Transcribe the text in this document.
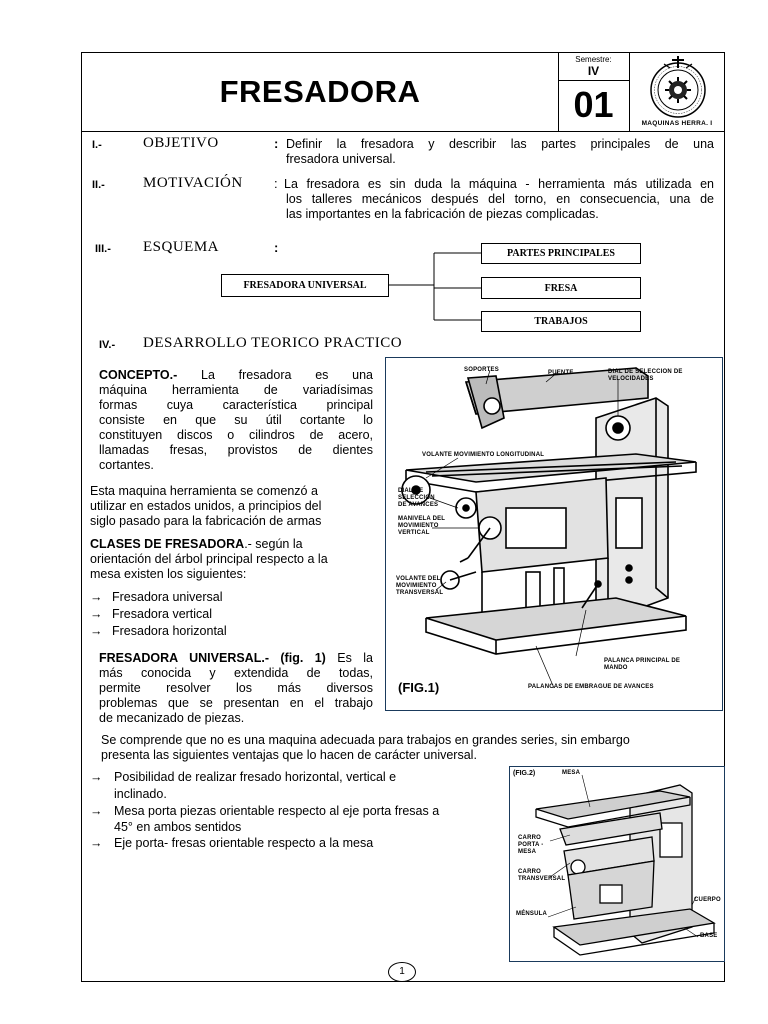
FRESADORA
Semestre:
IV
01	MAQUINAS HERRA. I
I.-	OBJETIVO	: Definir la fresadora y describir las partes principales de una
fresadora universal.
II.-	MOTIVACIÓN : La fresadora es sin duda la máquina - herramienta más utilizada en
los talleres mecánicos después del torno, en consecuencia, una de
las importantes en la fabricación de piezas complicadas.
III.- ESQUEMA	:
FRESADORA UNIVERSAL
PARTES PRINCIPALES
FRESA
TRABAJOS
IV.- DESARROLLO TEORICO PRACTICO
CONCEPTO.- La fresadora es una
máquina herramienta de variadísimas
formas cuya característica principal
consiste en que su útil cortante lo
constituyen discos o cilindros de acero,
llamadas fresas, provistos de dientes
cortantes.
Esta maquina herramienta se comenzó a
utilizar en estados unidos, a principios del
siglo pasado para la fabricación de armas
CLASES DE FRESADORA.- según la
orientación del árbol principal respecto a la
mesa existen los siguientes:
→ Fresadora universal
→ Fresadora vertical
→ Fresadora horizontal
FRESADORA UNIVERSAL.- (fig. 1) Es la
más conocida y extendida de todas,
permite resolver los más diversos
problemas que se presentan en el trabajo
de mecanizado de piezas.
Se comprende que no es una maquina adecuada para trabajos en grandes series, sin embargo
presenta las siguientes ventajas que lo hacen de carácter universal.
→ Posibilidad de realizar fresado horizontal, vertical e
inclinado.
→ Mesa porta piezas orientable respecto al eje porta fresas a
45° en ambos sentidos
→ Eje porta- fresas orientable respecto a la mesa
SOPORTES	PUENTE	DIAL DE SELECCION DE VELOCIDADES
VOLANTE MOVIMIENTO LONGITUDINAL
DIAL DE SELECCION DE AVANCES
MANIVELA DEL MOVIMIENTO VERTICAL
VOLANTE DEL MOVIMIENTO TRANSVERSAL
PALANCA PRINCIPAL DE MANDO
PALANCAS DE EMBRAGUE DE AVANCES
(FIG.1)
(FIG.2)	MESA
CARRO PORTA - MESA
CARRO TRANSVERSAL
MÉNSULA
CUERPO
BASE
1
